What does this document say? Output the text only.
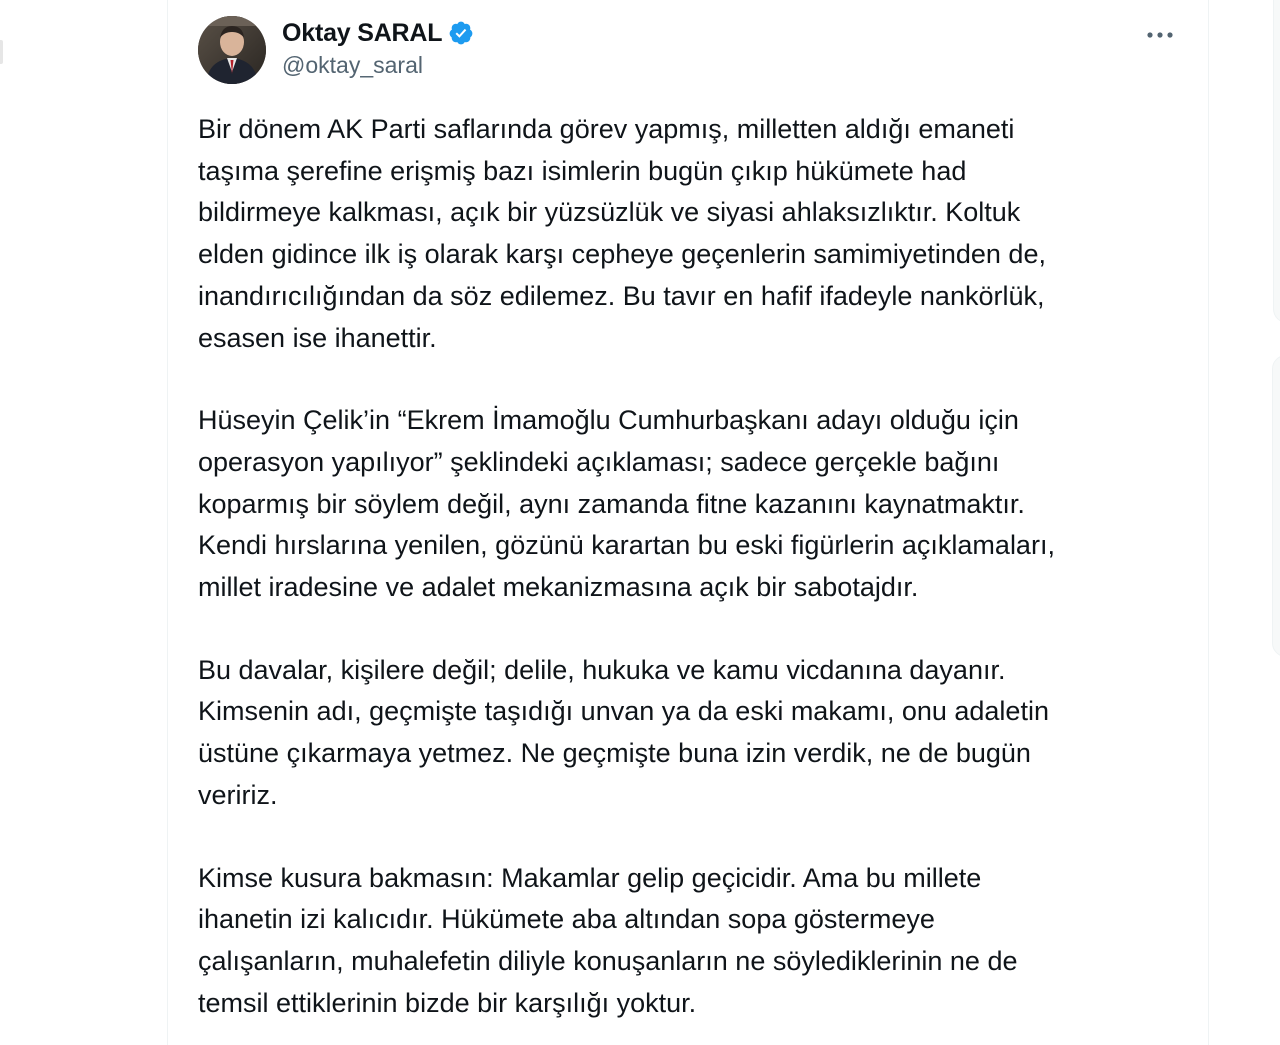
Oktay SARAL
@oktay_saral

Bir dönem AK Parti saflarında görev yapmış, milletten aldığı emaneti
taşıma şerefine erişmiş bazı isimlerin bugün çıkıp hükümete had
bildirmeye kalkması, açık bir yüzsüzlük ve siyasi ahlaksızlıktır. Koltuk
elden gidince ilk iş olarak karşı cepheye geçenlerin samimiyetinden de,
inandırıcılığından da söz edilemez. Bu tavır en hafif ifadeyle nankörlük,
esasen ise ihanettir.

Hüseyin Çelik’in “Ekrem İmamoğlu Cumhurbaşkanı adayı olduğu için
operasyon yapılıyor” şeklindeki açıklaması; sadece gerçekle bağını
koparmış bir söylem değil, aynı zamanda fitne kazanını kaynatmaktır.
Kendi hırslarına yenilen, gözünü karartan bu eski figürlerin açıklamaları,
millet iradesine ve adalet mekanizmasına açık bir sabotajdır.

Bu davalar, kişilere değil; delile, hukuka ve kamu vicdanına dayanır.
Kimsenin adı, geçmişte taşıdığı unvan ya da eski makamı, onu adaletin
üstüne çıkarmaya yetmez. Ne geçmişte buna izin verdik, ne de bugün
veririz.

Kimse kusura bakmasın: Makamlar gelip geçicidir. Ama bu millete
ihanetin izi kalıcıdır. Hükümete aba altından sopa göstermeye
çalışanların, muhalefetin diliyle konuşanların ne söylediklerinin ne de
temsil ettiklerinin bizde bir karşılığı yoktur.
